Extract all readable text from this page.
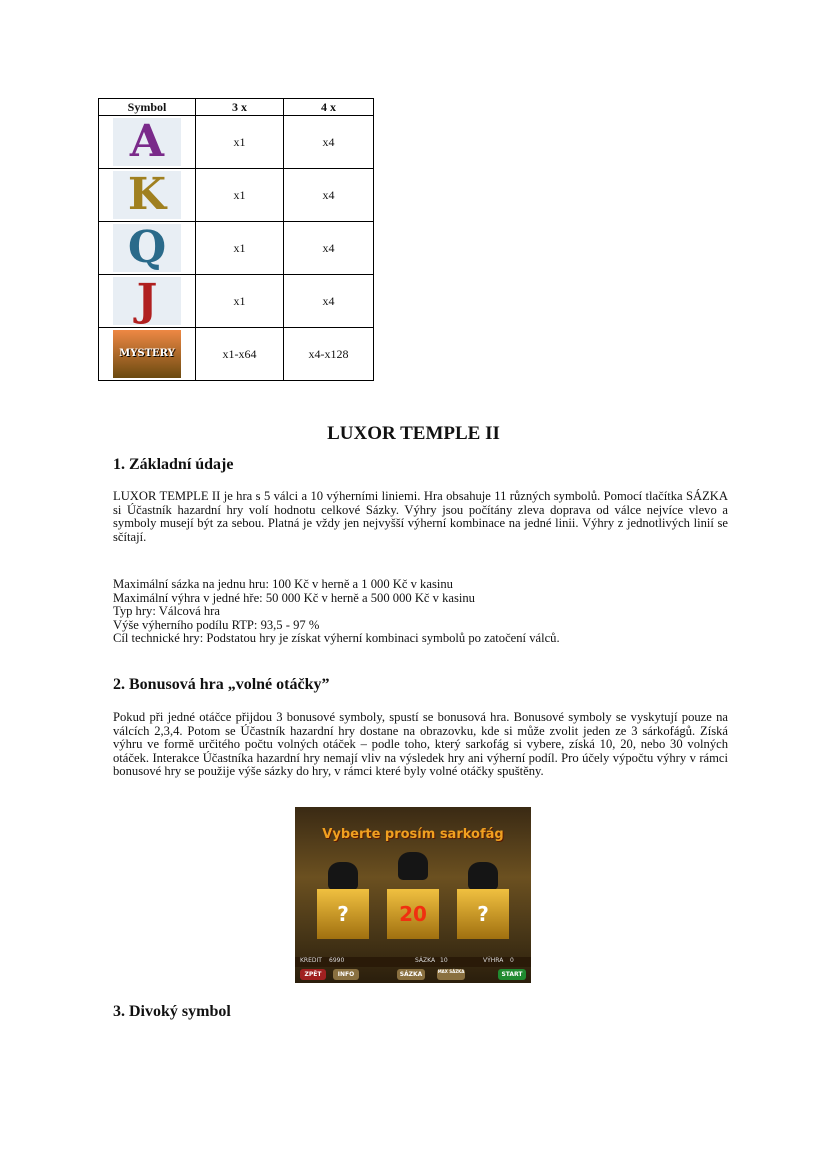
Symbol	3 x	4 x
A	x1	x4
K	x1	x4
Q	x1	x4
J	x1	x4
MYSTERY	x1-x64	x4-x128
LUXOR TEMPLE II
1. Základní údaje
LUXOR TEMPLE II je hra s 5 válci a 10 výherními liniemi. Hra obsahuje 11 různých symbolů. Pomocí tlačítka SÁZKA si Účastník hazardní hry volí hodnotu celkové Sázky. Výhry jsou počítány zleva doprava od válce nejvíce vlevo a symboly musejí být za sebou. Platná je vždy jen nejvyšší výherní kombinace na jedné linii. Výhry z jednotlivých linií se sčítají.
Maximální sázka na jednu hru: 100 Kč v herně a 1 000 Kč v kasinu
Maximální výhra v jedné hře: 50 000 Kč v herně a 500 000 Kč v kasinu
Typ hry: Válcová hra
Výše výherního podílu RTP: 93,5 - 97 %
Cíl technické hry: Podstatou hry je získat výherní kombinaci symbolů po zatočení válců.
2. Bonusová hra „volné otáčky”
Pokud při jedné otáčce přijdou 3 bonusové symboly, spustí se bonusová hra. Bonusové symboly se vyskytují pouze na válcích 2,3,4. Potom se Účastník hazardní hry dostane na obrazovku, kde si může zvolit jeden ze 3 sárkofágů. Získá výhru ve formě určitého počtu volných otáček – podle toho, který sarkofág si vybere, získá 10, 20, nebo 30 volných otáček. Interakce Účastníka hazardní hry nemají vliv na výsledek hry ani výherní podíl. Pro účely výpočtu výhry v rámci bonusové hry se použije výše sázky do hry, v rámci které byly volné otáčky spuštěny.
Vyberte prosím sarkofág
?	20	?
KREDIT 6990	SÁZKA 10	VÝHRA 0
ZPĚT	INFO	SÁZKA	MAX SÁZKA	START
3. Divoký symbol
